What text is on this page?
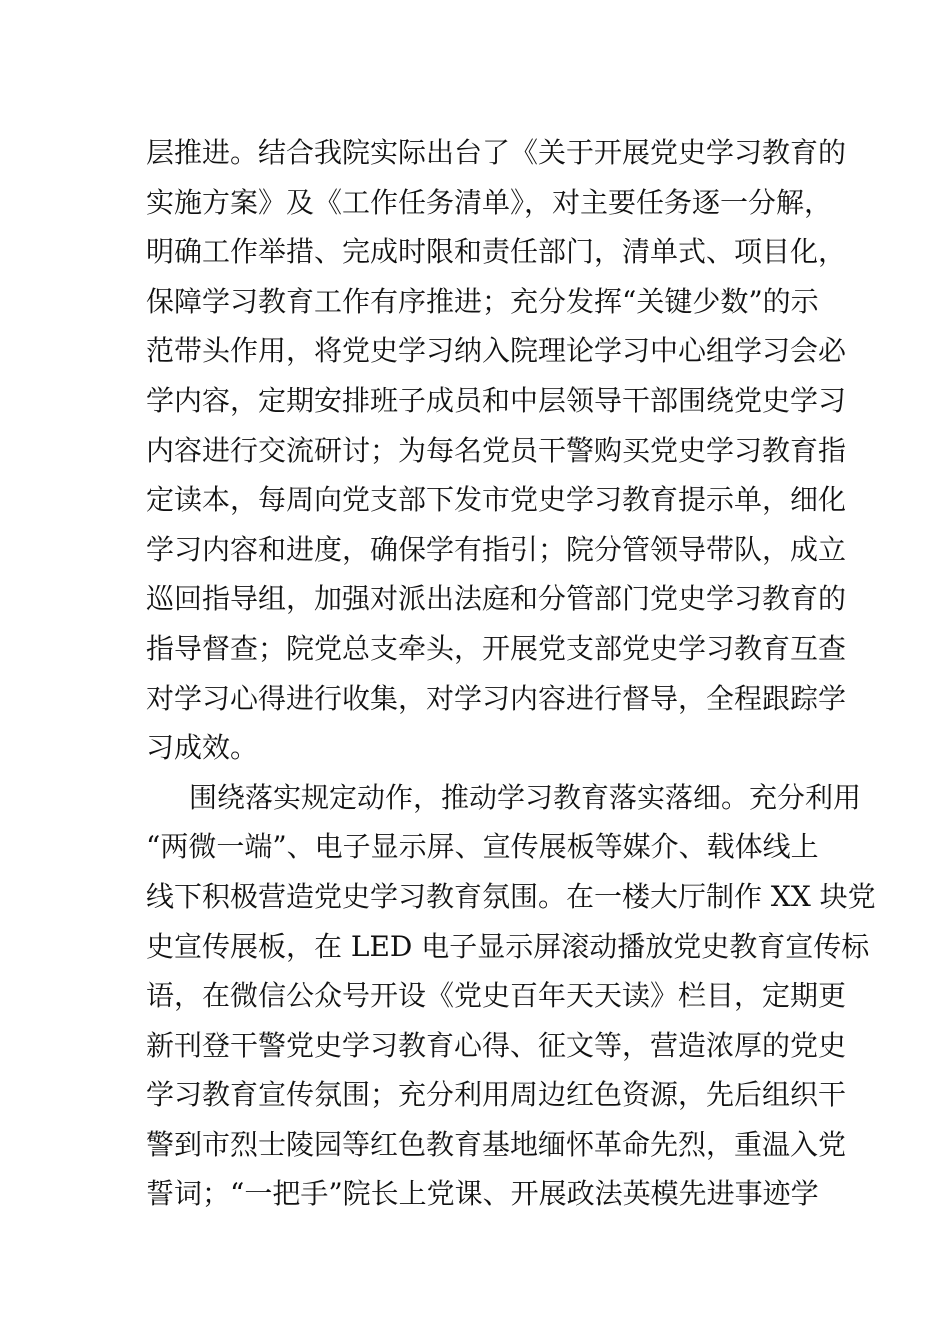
层推进。结合我院实际出台了《关于开展党史学习教育的
实施方案》及《工作任务清单》，对主要任务逐一分解，
明确工作举措、完成时限和责任部门，清单式、项目化，
保障学习教育工作有序推进；充分发挥“关键少数”的示
范带头作用，将党史学习纳入院理论学习中心组学习会必
学内容，定期安排班子成员和中层领导干部围绕党史学习
内容进行交流研讨；为每名党员干警购买党史学习教育指
定读本，每周向党支部下发市党史学习教育提示单，细化
学习内容和进度，确保学有指引；院分管领导带队，成立
巡回指导组，加强对派出法庭和分管部门党史学习教育的
指导督查；院党总支牵头，开展党支部党史学习教育互查
对学习心得进行收集，对学习内容进行督导，全程跟踪学
习成效。
围绕落实规定动作，推动学习教育落实落细。充分利用
“两微一端”、电子显示屏、宣传展板等媒介、载体线上
线下积极营造党史学习教育氛围。在一楼大厅制作 XX 块党
史宣传展板，在 LED 电子显示屏滚动播放党史教育宣传标
语，在微信公众号开设《党史百年天天读》栏目，定期更
新刊登干警党史学习教育心得、征文等，营造浓厚的党史
学习教育宣传氛围；充分利用周边红色资源，先后组织干
警到市烈士陵园等红色教育基地缅怀革命先烈，重温入党
誓词；“一把手”院长上党课、开展政法英模先进事迹学
